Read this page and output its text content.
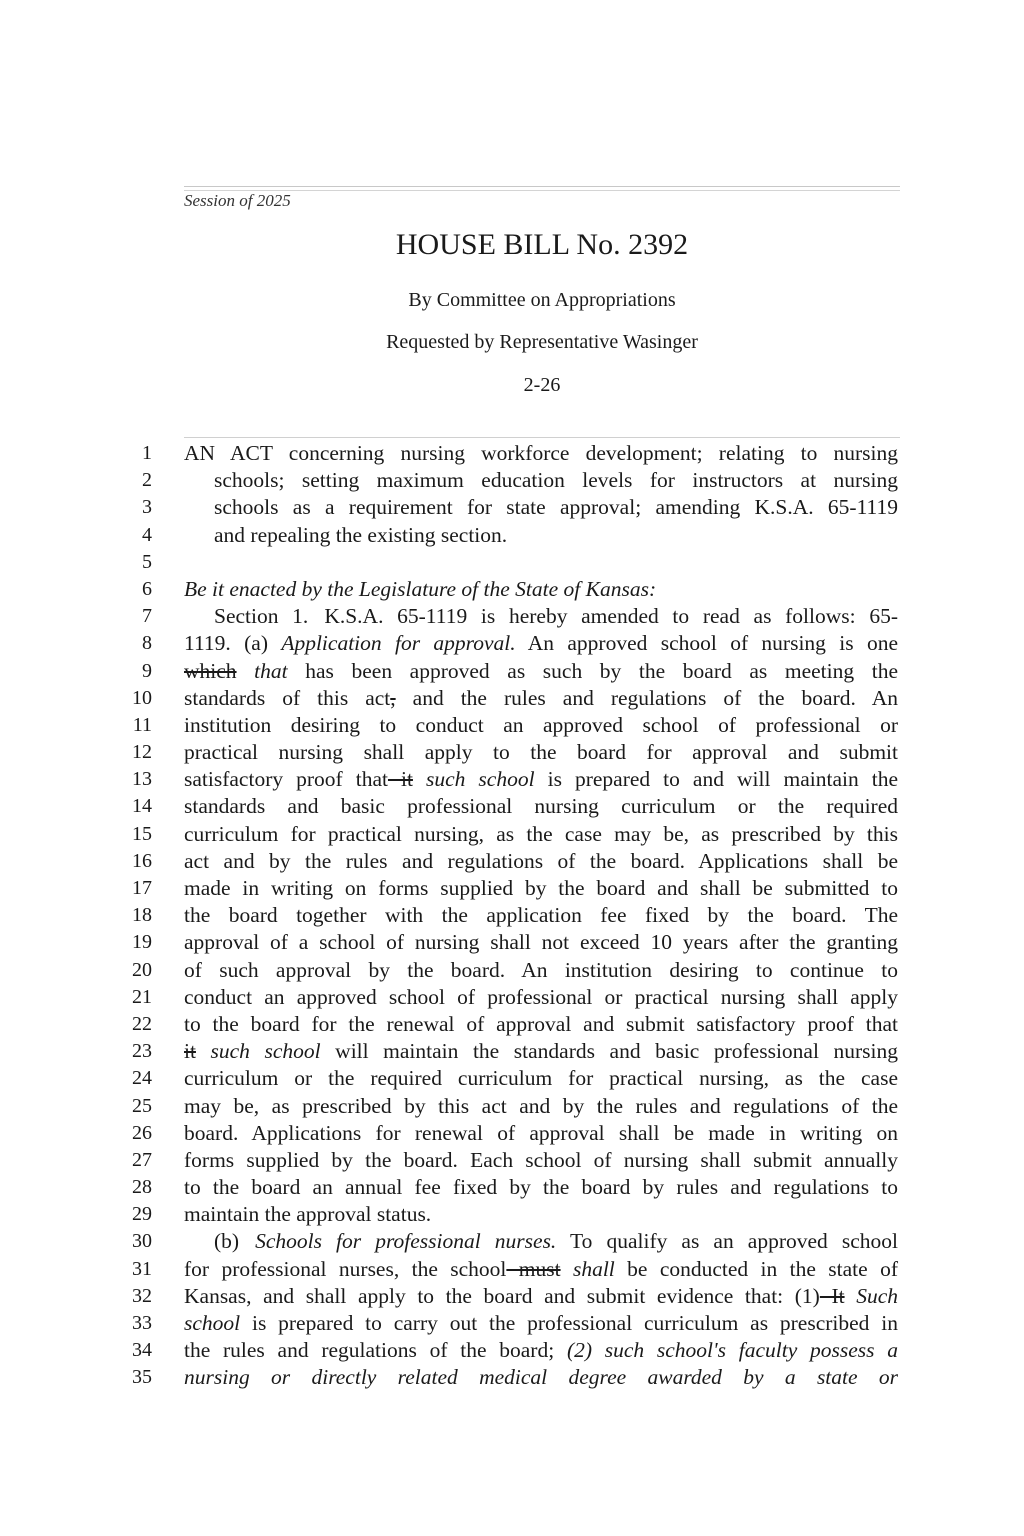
Session of 2025
HOUSE BILL No. 2392
By Committee on Appropriations
Requested by Representative Wasinger
2-26
1
2
3
4
5
6
7
8
9
10
11
12
13
14
15
16
17
18
19
20
21
22
23
24
25
26
27
28
29
30
31
32
33
34
35
AN ACT concerning nursing workforce development; relating to nursing
schools; setting maximum education levels for instructors at nursing
schools as a requirement for state approval; amending K.S.A. 65-1119
and repealing the existing section.
Be it enacted by the Legislature of the State of Kansas:
Section 1. K.S.A. 65-1119 is hereby amended to read as follows: 65-
1119. (a) Application for approval. An approved school of nursing is one
which that has been approved as such by the board as meeting the
standards of this act, and the rules and regulations of the board. An
institution desiring to conduct an approved school of professional or
practical nursing shall apply to the board for approval and submit
satisfactory proof that it such school is prepared to and will maintain the
standards and basic professional nursing curriculum or the required
curriculum for practical nursing, as the case may be, as prescribed by this
act and by the rules and regulations of the board. Applications shall be
made in writing on forms supplied by the board and shall be submitted to
the board together with the application fee fixed by the board. The
approval of a school of nursing shall not exceed 10 years after the granting
of such approval by the board. An institution desiring to continue to
conduct an approved school of professional or practical nursing shall apply
to the board for the renewal of approval and submit satisfactory proof that
it such school will maintain the standards and basic professional nursing
curriculum or the required curriculum for practical nursing, as the case
may be, as prescribed by this act and by the rules and regulations of the
board. Applications for renewal of approval shall be made in writing on
forms supplied by the board. Each school of nursing shall submit annually
to the board an annual fee fixed by the board by rules and regulations to
maintain the approval status.
(b) Schools for professional nurses. To qualify as an approved school
for professional nurses, the school must shall be conducted in the state of
Kansas, and shall apply to the board and submit evidence that: (1) It Such
school is prepared to carry out the professional curriculum as prescribed in
the rules and regulations of the board; (2) such school's faculty possess a
nursing or directly related medical degree awarded by a state or
